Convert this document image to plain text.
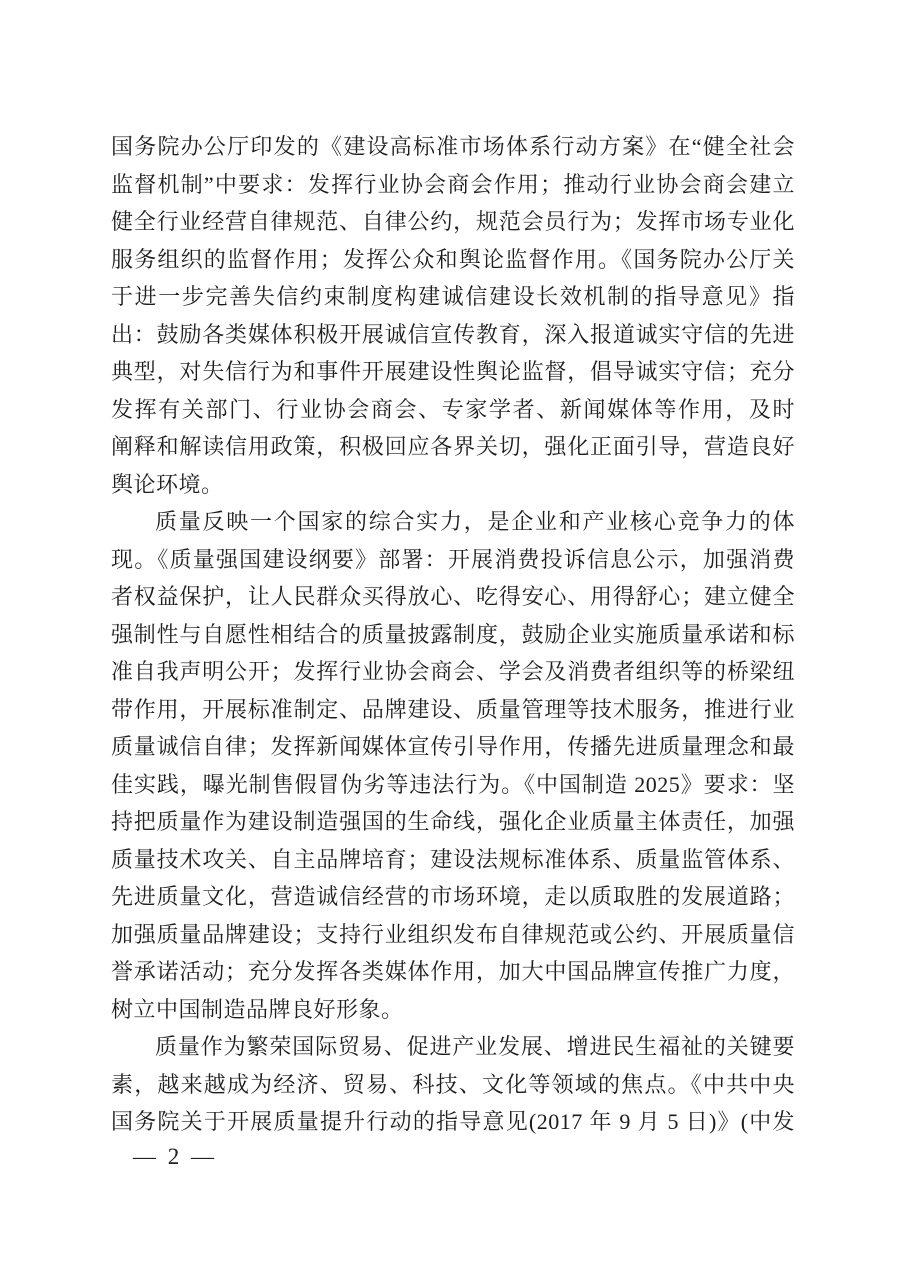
国务院办公厅印发的《建设高标准市场体系行动方案》在“健全社会
监督机制”中要求：发挥行业协会商会作用；推动行业协会商会建立
健全行业经营自律规范、自律公约，规范会员行为；发挥市场专业化
服务组织的监督作用；发挥公众和舆论监督作用。《国务院办公厅关
于进一步完善失信约束制度构建诚信建设长效机制的指导意见》指
出：鼓励各类媒体积极开展诚信宣传教育，深入报道诚实守信的先进
典型，对失信行为和事件开展建设性舆论监督，倡导诚实守信；充分
发挥有关部门、行业协会商会、专家学者、新闻媒体等作用，及时
阐释和解读信用政策，积极回应各界关切，强化正面引导，营造良好
舆论环境。

质量反映一个国家的综合实力，是企业和产业核心竞争力的体
现。《质量强国建设纲要》部署：开展消费投诉信息公示，加强消费
者权益保护，让人民群众买得放心、吃得安心、用得舒心；建立健全
强制性与自愿性相结合的质量披露制度，鼓励企业实施质量承诺和标
准自我声明公开；发挥行业协会商会、学会及消费者组织等的桥梁纽
带作用，开展标准制定、品牌建设、质量管理等技术服务，推进行业
质量诚信自律；发挥新闻媒体宣传引导作用，传播先进质量理念和最
佳实践，曝光制售假冒伪劣等违法行为。《中国制造 2025》要求：坚
持把质量作为建设制造强国的生命线，强化企业质量主体责任，加强
质量技术攻关、自主品牌培育；建设法规标准体系、质量监管体系、
先进质量文化，营造诚信经营的市场环境，走以质取胜的发展道路；
加强质量品牌建设；支持行业组织发布自律规范或公约、开展质量信
誉承诺活动；充分发挥各类媒体作用，加大中国品牌宣传推广力度，
树立中国制造品牌良好形象。

质量作为繁荣国际贸易、促进产业发展、增进民生福祉的关键要
素，越来越成为经济、贸易、科技、文化等领域的焦点。《中共中央
国务院关于开展质量提升行动的指导意见(2017 年 9 月 5 日)》(中发

— 2 —
